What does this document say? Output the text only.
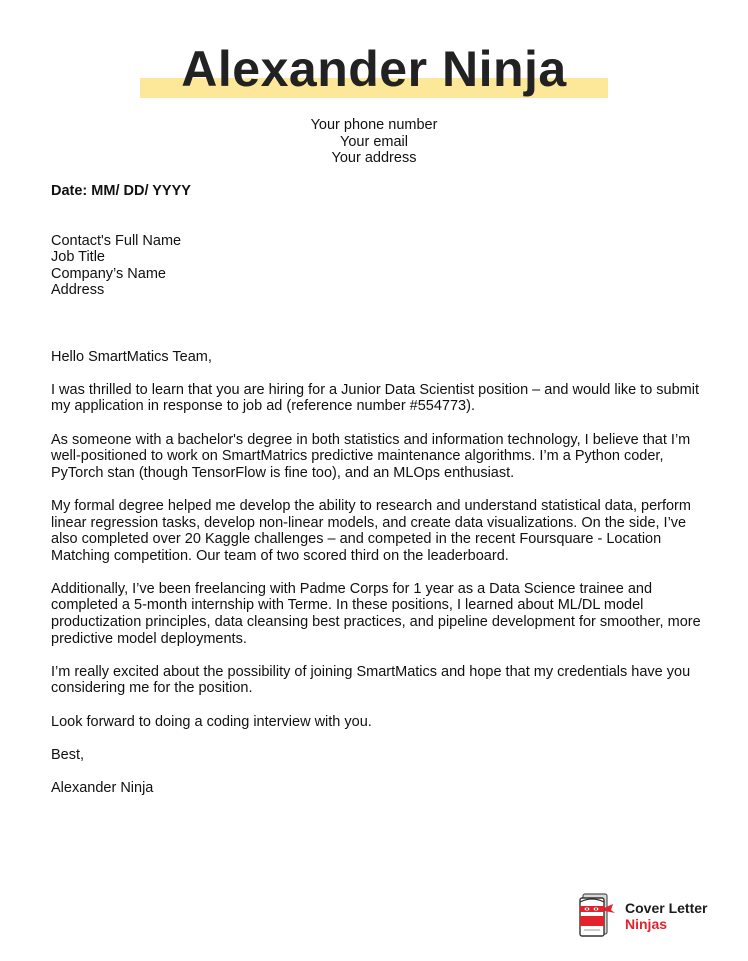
Alexander Ninja
Your phone number
Your email
Your address

Date: MM/ DD/ YYYY

Contact's Full Name
Job Title
Company’s Name
Address

Hello SmartMatics Team,

I was thrilled to learn that you are hiring for a Junior Data Scientist position – and would like to submit my application in response to job ad (reference number #554773).

As someone with a bachelor's degree in both statistics and information technology, I believe that I’m well-positioned to work on SmartMatrics predictive maintenance algorithms. I’m a Python coder, PyTorch stan (though TensorFlow is fine too), and an MLOps enthusiast.

My formal degree helped me develop the ability to research and understand statistical data, perform linear regression tasks, develop non-linear models, and create data visualizations. On the side, I’ve also completed over 20 Kaggle challenges – and competed in the recent Foursquare - Location Matching competition. Our team of two scored third on the leaderboard.

Additionally, I’ve been freelancing with Padme Corps for 1 year as a Data Science trainee and completed a 5-month internship with Terme. In these positions, I learned about ML/DL model productization principles, data cleansing best practices, and pipeline development for smoother, more predictive model deployments.

I’m really excited about the possibility of joining SmartMatics and hope that my credentials have you considering me for the position.

Look forward to doing a coding interview with you.

Best,

Alexander Ninja

Cover Letter
Ninjas
